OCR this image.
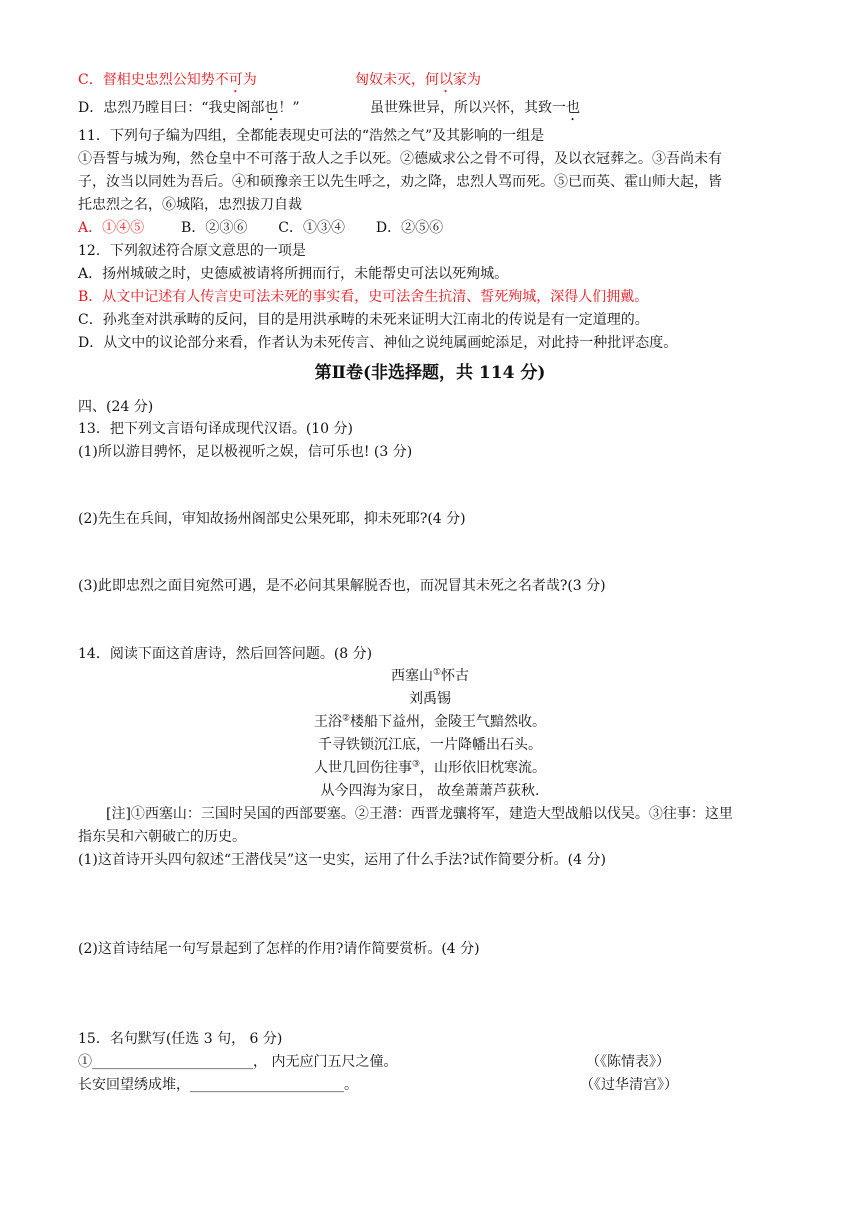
C．督相史忠烈公知势不可为	匈奴未灭，何以家为
D．忠烈乃瞠目曰：“我史阁部也！”	虽世殊世异，所以兴怀，其致一也
11．下列句子编为四组，全都能表现史可法的“浩然之气”及其影响的一组是
①吾誓与城为殉，然仓皇中不可落于敌人之手以死。②德威求公之骨不可得，及以衣冠葬之。③吾尚未有
子，汝当以同姓为吾后。④和硕豫亲王以先生呼之，劝之降，忠烈人骂而死。⑤已而英、霍山师大起，皆
托忠烈之名，⑥城陷，忠烈拔刀自裁
A．①④⑤	B．②③⑥ C．①③④ D．②⑤⑥
12．下列叙述符合原文意思的一项是
A．扬州城破之时，史德威被请将所拥而行，未能帮史可法以死殉城。
B．从文中记述有人传言史可法未死的事实看，史可法舍生抗清、誓死殉城，深得人们拥戴。
C．孙兆奎对洪承畴的反问，目的是用洪承畴的未死来证明大江南北的传说是有一定道理的。
D．从文中的议论部分来看，作者认为未死传言、神仙之说纯属画蛇添足，对此持一种批评态度。
第Ⅱ卷(非选择题，共 114 分)
四、(24 分)
13．把下列文言语句译成现代汉语。(10 分)
(1)所以游目骋怀，足以极视听之娱，信可乐也! (3 分)
(2)先生在兵间，审知故扬州阁部史公果死耶，抑未死耶?(4 分)
(3)此即忠烈之面目宛然可遇，是不必问其果解脱否也，而况冒其未死之名者哉?(3 分)
14．阅读下面这首唐诗，然后回答问题。(8 分)
西塞山①怀古
刘禹锡
王浴②楼船下益州，金陵王气黯然收。
千寻铁锁沉江底，一片降幡出石头。
人世几回伤往事③，山形依旧枕寒流。
从今四海为家日， 故垒萧萧芦荻秋.
[注]①西塞山：三国时吴国的西部要塞。②王潜：西晋龙骧将军，建造大型战船以伐吴。③往事：这里
指东吴和六朝破亡的历史。
(1)这首诗开头四句叙述“王潜伐吴”这一史实，运用了什么手法?试作简要分析。(4 分)
(2)这首诗结尾一句写景起到了怎样的作用?请作简要赏析。(4 分)
15．名句默写(任选 3 句， 6 分)
①_______________________， 内无应门五尺之僮。	（《陈情表》）
长安回望绣成堆，______________________。	（《过华清宫》）
